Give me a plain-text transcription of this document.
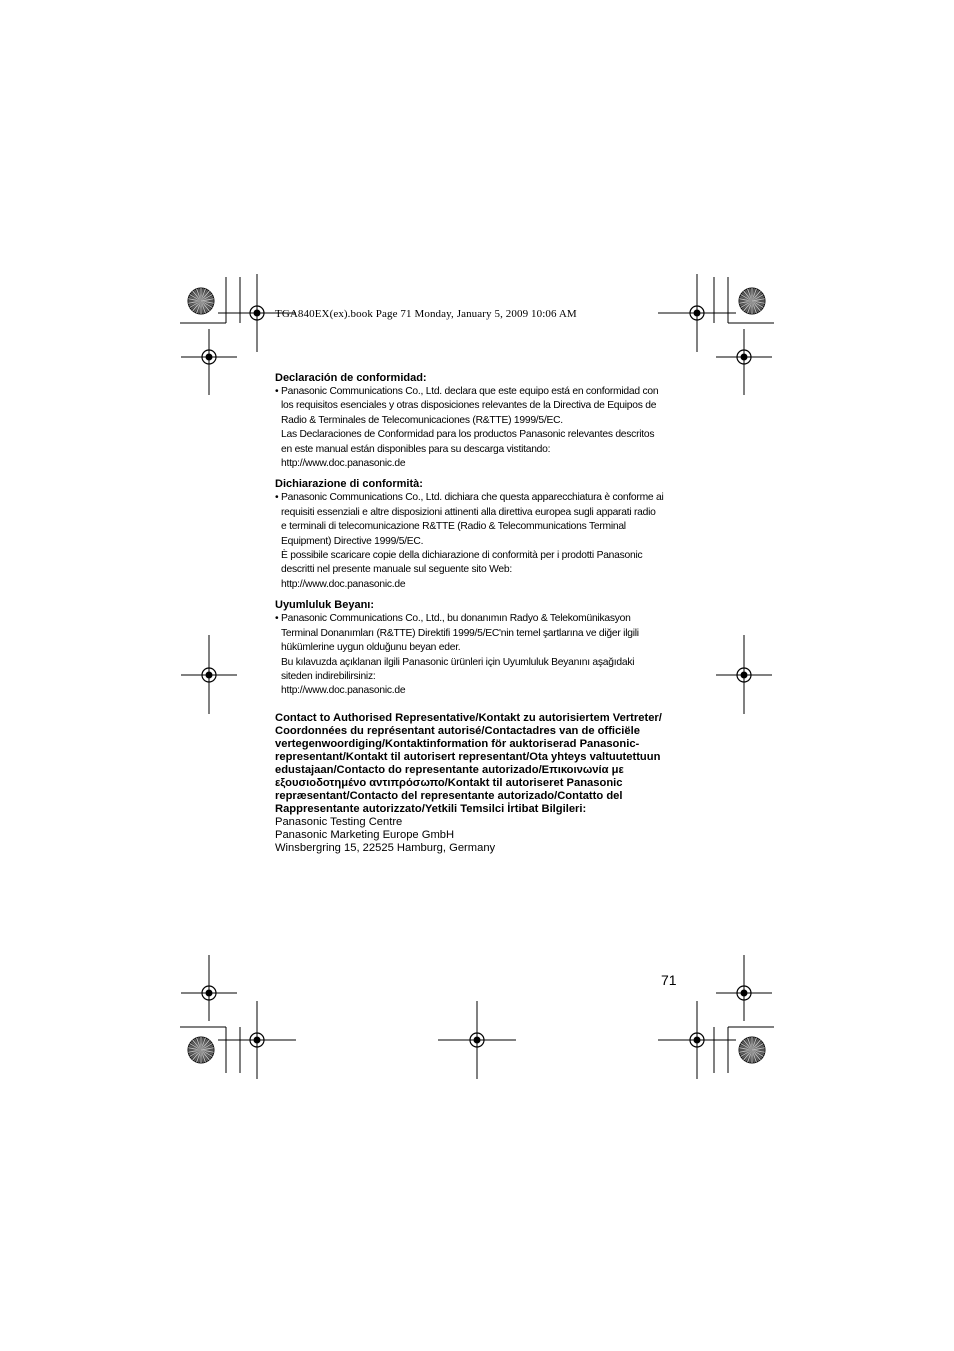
TGA840EX(ex).book Page 71 Monday, January 5, 2009 10:06 AM

Declaración de conformidad:

• Panasonic Communications Co., Ltd. declara que este equipo está en conformidad con

los requisitos esenciales y otras disposiciones relevantes de la Directiva de Equipos de

Radio & Terminales de Telecomunicaciones (R&TTE) 1999/5/EC.

Las Declaraciones de Conformidad para los productos Panasonic relevantes descritos

en este manual están disponibles para su descarga vistitando:

http://www.doc.panasonic.de

Dichiarazione di conformità:

• Panasonic Communications Co., Ltd. dichiara che questa apparecchiatura è conforme ai

requisiti essenziali e altre disposizioni attinenti alla direttiva europea sugli apparati radio

e terminali di telecomunicazione R&TTE (Radio & Telecommunications Terminal

Equipment) Directive 1999/5/EC.

È possibile scaricare copie della dichiarazione di conformità per i prodotti Panasonic

descritti nel presente manuale sul seguente sito Web:

http://www.doc.panasonic.de

Uyumluluk Beyanı:

• Panasonic Communications Co., Ltd., bu donanımın Radyo & Telekomünikasyon

Terminal Donanımları (R&TTE) Direktifi 1999/5/EC'nin temel şartlarına ve diğer ilgili

hükümlerine uygun olduğunu beyan eder.

Bu kılavuzda açıklanan ilgili Panasonic ürünleri için Uyumluluk Beyanını aşağıdaki

siteden indirebilirsiniz:

http://www.doc.panasonic.de

Contact to Authorised Representative/Kontakt zu autorisiertem Vertreter/

Coordonnées du représentant autorisé/Contactadres van de officiële

vertegenwoordiging/Kontaktinformation för auktoriserad Panasonic-

representant/Kontakt til autorisert representant/Ota yhteys valtuutettuun

edustajaan/Contacto do representante autorizado/Επικοινωνία με

εξουσιοδοτημένο αντιπρόσωπο/Kontakt til autoriseret Panasonic

repræsentant/Contacto del representante autorizado/Contatto del

Rappresentante autorizzato/Yetkili Temsilci İrtibat Bilgileri:

Panasonic Testing Centre

Panasonic Marketing Europe GmbH

Winsbergring 15, 22525 Hamburg, Germany

71
